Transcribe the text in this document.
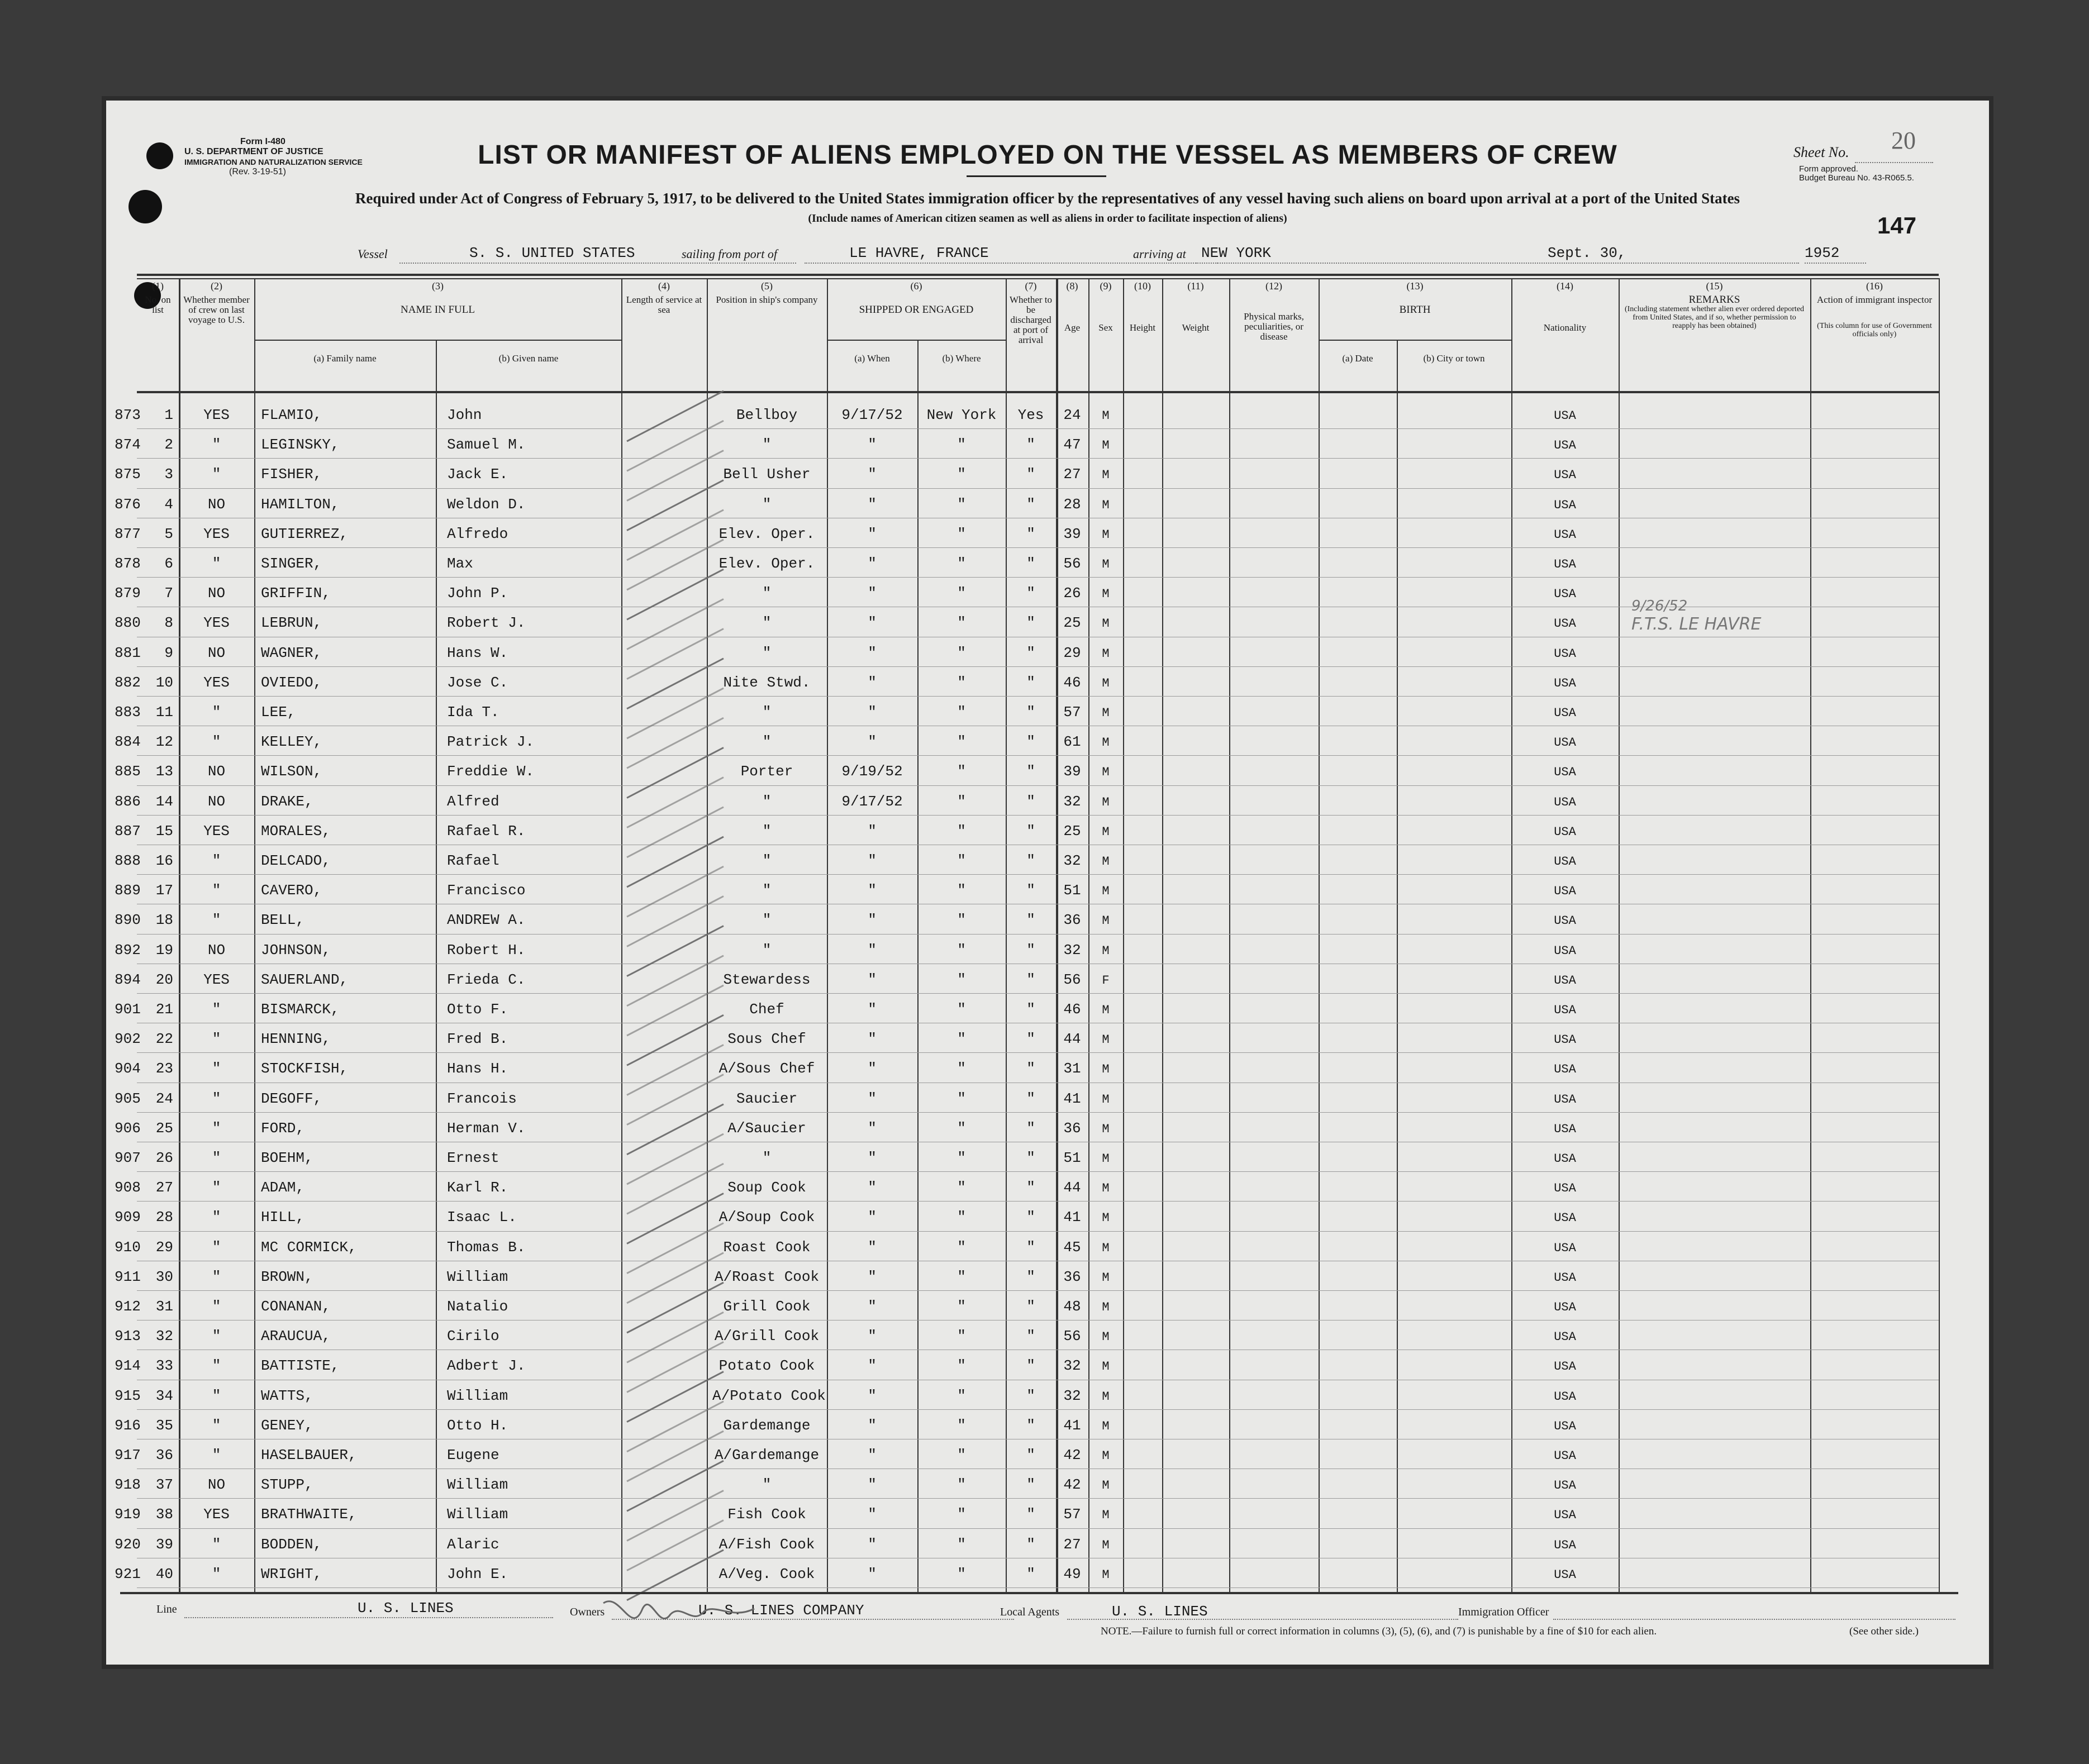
Form I-480
U. S. DEPARTMENT OF JUSTICE
IMMIGRATION AND NATURALIZATION SERVICE
(Rev. 3-19-51)
LIST OR MANIFEST OF ALIENS EMPLOYED ON THE VESSEL AS MEMBERS OF CREW
Required under Act of Congress of February 5, 1917, to be delivered to the United States immigration officer by the representatives of any vessel having such aliens on board upon arrival at a port of the United States
(Include names of American citizen seamen as well as aliens in order to facilitate inspection of aliens)
Sheet No. 20
Form approved.
Budget Bureau No. 43-R065.5.
147
Vessel	S. S. UNITED STATES	sailing from port of	LE HAVRE, FRANCE	arriving at NEW YORK	Sept. 30,	1952
(1)
No. on list
(2)
Whether member of crew on last voyage to U.S.
(3)
NAME IN FULL
(4)
Length of service at sea
(5)
Position in ship's company
(6)
SHIPPED OR ENGAGED
(7)
Whether to be discharged at port of arrival
(8)
Age
(9)
Sex
(10)
Height
(11)
Weight
(12)
Physical marks, peculiarities, or disease
(13)
BIRTH
(14)
Nationality
(15)
REMARKS
(16)
Action of immigrant inspector
(a) Family name	(b) Given name	(a) When	(b) Where	(a) Date	(b) City or town
(Including statement whether alien ever ordered deported from United States, and if so, whether permission to reapply has been obtained)	(This column for use of Government officials only)
873	1	YES	FLAMIO,	John	Bellboy	9/17/52	New York	Yes	24	M	USA
874	2	"	LEGINSKY,	Samuel M.	"	"	"	"	47	M	USA
875	3	"	FISHER,	Jack E.	Bell Usher	"	"	"	27	M	USA
876	4	NO	HAMILTON,	Weldon D.	"	"	"	"	28	M	USA
877	5	YES	GUTIERREZ,	Alfredo	Elev. Oper.	"	"	"	39	M	USA
878	6	"	SINGER,	Max	Elev. Oper.	"	"	"	56	M	USA
879	7	NO	GRIFFIN,	John P.	"	"	"	"	26	M	USA
880	8	YES	LEBRUN,	Robert J.	"	"	"	"	25	M	USA
881	9	NO	WAGNER,	Hans W.	"	"	"	"	29	M	USA
882	10	YES	OVIEDO,	Jose C.	Nite Stwd.	"	"	"	46	M	USA
883	11	"	LEE,	Ida T.	"	"	"	"	57	M	USA
884	12	"	KELLEY,	Patrick J.	"	"	"	"	61	M	USA
885	13	NO	WILSON,	Freddie W.	Porter	9/19/52	"	"	39	M	USA
886	14	NO	DRAKE,	Alfred	"	9/17/52	"	"	32	M	USA
887	15	YES	MORALES,	Rafael R.	"	"	"	"	25	M	USA
888	16	"	DELCADO,	Rafael	"	"	"	"	32	M	USA
889	17	"	CAVERO,	Francisco	"	"	"	"	51	M	USA
890	18	"	BELL,	ANDREW A.	"	"	"	"	36	M	USA
892	19	NO	JOHNSON,	Robert H.	"	"	"	"	32	M	USA
894	20	YES	SAUERLAND,	Frieda C.	Stewardess	"	"	"	56	F	USA
901	21	"	BISMARCK,	Otto F.	Chef	"	"	"	46	M	USA
902	22	"	HENNING,	Fred B.	Sous Chef	"	"	"	44	M	USA
904	23	"	STOCKFISH,	Hans H.	A/Sous Chef	"	"	"	31	M	USA
905	24	"	DEGOFF,	Francois	Saucier	"	"	"	41	M	USA
906	25	"	FORD,	Herman V.	A/Saucier	"	"	"	36	M	USA
907	26	"	BOEHM,	Ernest	"	"	"	"	51	M	USA
908	27	"	ADAM,	Karl R.	Soup Cook	"	"	"	44	M	USA
909	28	"	HILL,	Isaac L.	A/Soup Cook	"	"	"	41	M	USA
910	29	"	MC CORMICK,	Thomas B.	Roast Cook	"	"	"	45	M	USA
911	30	"	BROWN,	William	A/Roast Cook	"	"	"	36	M	USA
912	31	"	CONANAN,	Natalio	Grill Cook	"	"	"	48	M	USA
913	32	"	ARAUCUA,	Cirilo	A/Grill Cook	"	"	"	56	M	USA
914	33	"	BATTISTE,	Adbert J.	Potato Cook	"	"	"	32	M	USA
915	34	"	WATTS,	William	A/Potato Cook	"	"	"	32	M	USA
916	35	"	GENEY,	Otto H.	Gardemange	"	"	"	41	M	USA
917	36	"	HASELBAUER,	Eugene	A/Gardemange	"	"	"	42	M	USA
918	37	NO	STUPP,	William	"	"	"	"	42	M	USA
919	38	YES	BRATHWAITE,	William	Fish Cook	"	"	"	57	M	USA
920	39	"	BODDEN,	Alaric	A/Fish Cook	"	"	"	27	M	USA
921	40	"	WRIGHT,	John E.	A/Veg. Cook	"	"	"	49	M	USA
9/26/52
F.T.S. LE HAVRE
Line	U. S. LINES	Owners	U. S. LINES COMPANY	Local Agents	U. S. LINES	Immigration Officer
NOTE.—Failure to furnish full or correct information in columns (3), (5), (6), and (7) is punishable by a fine of $10 for each alien.	(See other side.)
